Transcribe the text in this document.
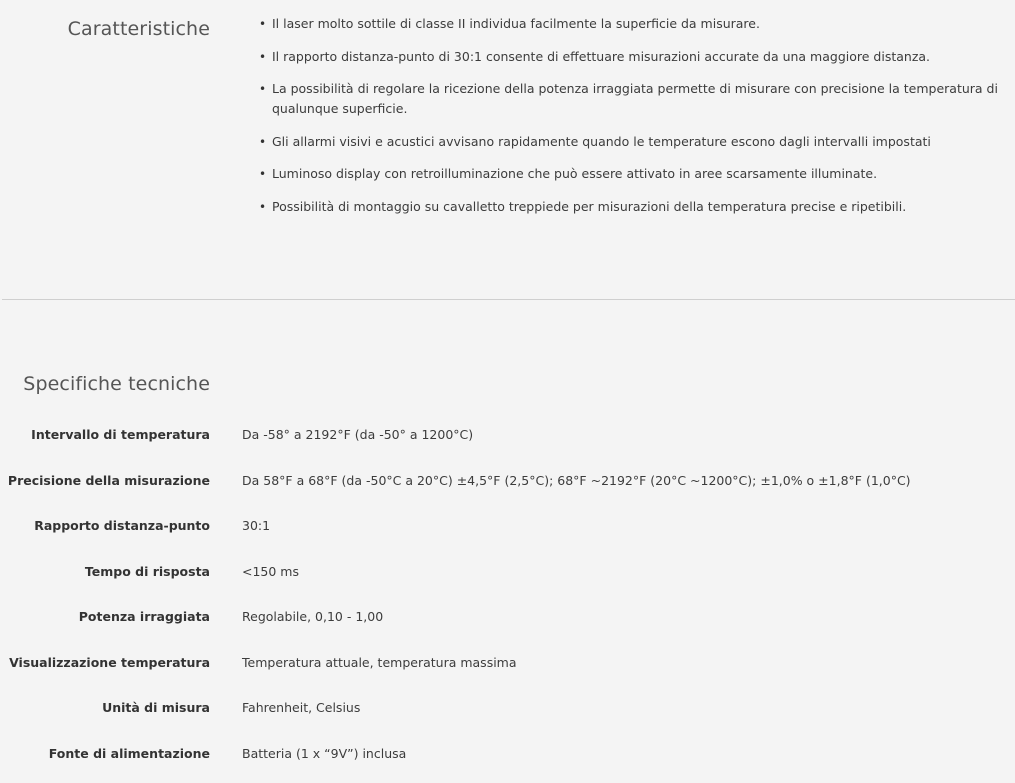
Caratteristiche	• Il laser molto sottile di classe II individua facilmente la superficie da misurare.
• Il rapporto distanza-punto di 30:1 consente di effettuare misurazioni accurate da una maggiore distanza.
• La possibilità di regolare la ricezione della potenza irraggiata permette di misurare con precisione la temperatura di qualunque superficie.
• Gli allarmi visivi e acustici avvisano rapidamente quando le temperature escono dagli intervalli impostati
• Luminoso display con retroilluminazione che può essere attivato in aree scarsamente illuminate.
• Possibilità di montaggio su cavalletto treppiede per misurazioni della temperatura precise e ripetibili.
Specifiche tecniche
Intervallo di temperatura	Da -58° a 2192°F (da -50° a 1200°C)
Precisione della misurazione	Da 58°F a 68°F (da -50°C a 20°C) ±4,5°F (2,5°C); 68°F ~2192°F (20°C ~1200°C); ±1,0% o ±1,8°F (1,0°C)
Rapporto distanza-punto	30:1
Tempo di risposta	<150 ms
Potenza irraggiata	Regolabile, 0,10 - 1,00
Visualizzazione temperatura	Temperatura attuale, temperatura massima
Unità di misura	Fahrenheit, Celsius
Fonte di alimentazione	Batteria (1 x “9V”) inclusa
